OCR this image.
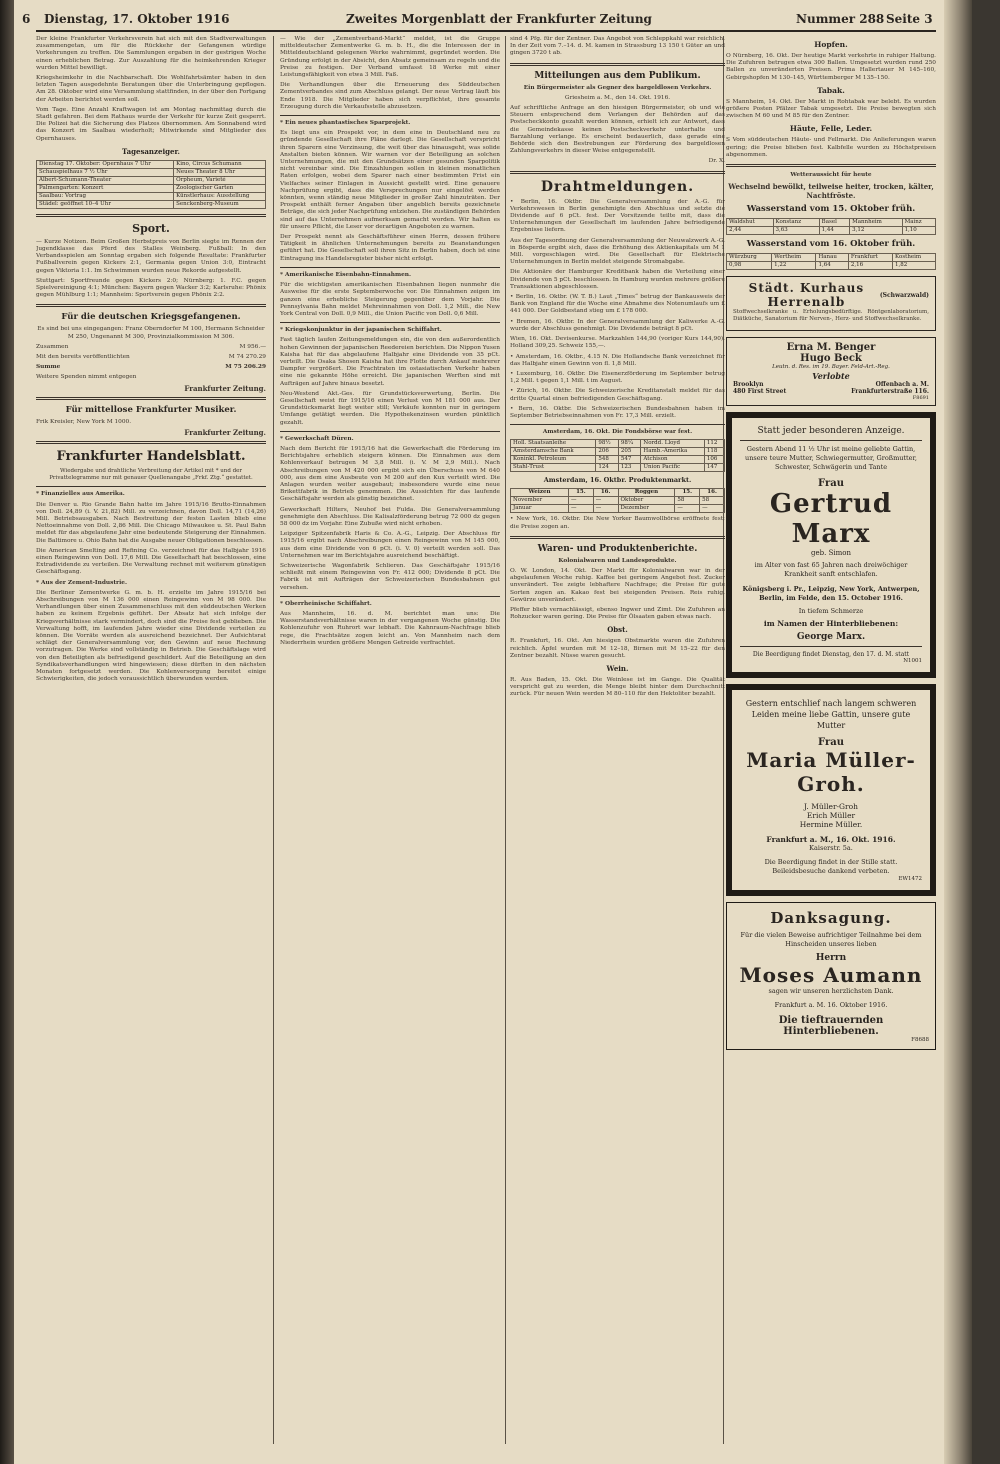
6 Dienstag, 17. Oktober 1916	Zweites Morgenblatt der Frankfurter Zeitung	Nummer 288 Seite 3
Der kleine Frankfurter Verkehrsverein hat sich mit den Stadtverwaltungen zusammengetan, um für die Rückkehr der Gefangenen würdige Vorkehrungen zu treffen. Die Sammlungen ergaben in der gestrigen Woche einen erheblichen Betrag. Zur Auszahlung für die heimkehrenden Krieger wurden Mittel bewilligt.
Kriegsheimkehr in die Nachbarschaft. Die Wohlfahrtsämter haben in den letzten Tagen ausgedehnte Beratungen über die Unterbringung gepflogen. Am 28. Oktober wird eine Versammlung stattfinden, in der über den Fortgang der Arbeiten berichtet werden soll.
Vom Tage. Eine Anzahl Kraftwagen ist am Montag nachmittag durch die Stadt gefahren. Bei dem Rathaus wurde der Verkehr für kurze Zeit gesperrt. Die Polizei hat die Sicherung des Platzes übernommen. Am Sonnabend wird das Konzert im Saalbau wiederholt; Mitwirkende sind Mitglieder des Opernhauses.
Tagesanzeiger.
Dienstag 17. Oktober: Opernhaus 7 Uhr	Kino, Circus Schumann
Schauspielhaus 7 ½ Uhr	Neues Theater 8 Uhr
Albert-Schumann-Theater	Orpheum, Varieté
Palmengarten: Konzert	Zoologischer Garten
Saalbau: Vortrag	Künstlerhaus: Ausstellung
Städel: geöffnet 10–4 Uhr	Senckenberg-Museum
Sport.
— Kurze Notizen. Beim Großen Herbstpreis von Berlin siegte im Rennen der Jugendklasse das Pferd des Stalles Weinberg. Fußball: In den Verbandsspielen am Sonntag ergaben sich folgende Resultate: Frankfurter Fußballverein gegen Kickers 2:1, Germania gegen Union 3:0, Eintracht gegen Viktoria 1:1. Im Schwimmen wurden neue Rekorde aufgestellt.
Stuttgart: Sportfreunde gegen Kickers 2:0; Nürnberg: 1. F.C. gegen Spielvereinigung 4:1; München: Bayern gegen Wacker 3:2; Karlsruhe: Phönix gegen Mühlburg 1:1; Mannheim: Sportverein gegen Phönix 2:2.
Für die deutschen Kriegsgefangenen.
Es sind bei uns eingegangen: Franz Oberndorfer M 100, Hermann Schneider M 250, Ungenannt M 300, Provinzialkommission M 306.
Zusammen	M 956.—
Mit den bereits veröffentlichten	M 74 270.29
Summe	M 75 206.29
Weitere Spenden nimmt entgegen
Frankfurter Zeitung.
Für mittellose Frankfurter Musiker.
Frik Kreisler, New York M 1000.
Frankfurter Zeitung.
Frankfurter Handelsblatt.
Wiedergabe und drahtliche Verbreitung der Artikel mit * und der Privattelegramme nur mit genauer Quellenangabe „Frkf. Ztg.“ gestattet.
* Finanzielles aus Amerika.
Die Denver u. Rio Grande Bahn hatte im Jahre 1915/16 Brutto-Einnahmen von Doll. 24,89 (i. V. 21,82) Mill. zu verzeichnen, davon Doll. 14,71 (14,26) Mill. Betriebsausgaben. Nach Bestreitung der festen Lasten blieb eine Nettoeinnahme von Doll. 2,86 Mill. Die Chicago Milwaukee u. St. Paul Bahn meldet für das abgelaufene Jahr eine bedeutende Steigerung der Einnahmen. Die Baltimore u. Ohio Bahn hat die Ausgabe neuer Obligationen beschlossen.
Die American Smelting and Refining Co. verzeichnet für das Halbjahr 1916 einen Reingewinn von Doll. 17,6 Mill. Die Gesellschaft hat beschlossen, eine Extradividende zu verteilen. Die Verwaltung rechnet mit weiterem günstigen Geschäftsgang.
* Aus der Zement-Industrie.
Die Berliner Zementwerke G. m. b. H. erzielte im Jahre 1915/16 bei Abschreibungen von M 136 000 einen Reingewinn von M 98 000. Die Verhandlungen über einen Zusammenschluss mit den süddeutschen Werken haben zu keinem Ergebnis geführt. Der Absatz hat sich infolge der Kriegsverhältnisse stark vermindert, doch sind die Preise fest geblieben. Die Verwaltung hofft, im laufenden Jahre wieder eine Dividende verteilen zu können. Die Vorräte werden als ausreichend bezeichnet. Der Aufsichtsrat schlägt der Generalversammlung vor, den Gewinn auf neue Rechnung vorzutragen. Die Werke sind vollständig in Betrieb. Die Geschäftslage wird von den Beteiligten als befriedigend geschildert. Auf die Beteiligung an den Syndikatsverhandlungen wird hingewiesen; diese dürften in den nächsten Monaten fortgesetzt werden. Die Kohlenversorgung bereitet einige Schwierigkeiten, die jedoch voraussichtlich überwunden werden.
— Wie der „Zementverband-Markt“ meldet, ist die Gruppe mitteldeutscher Zementwerke G. m. b. H., die die Interessen der in Mitteldeutschland gelegenen Werke wahrnimmt, gegründet worden. Die Gründung erfolgt in der Absicht, den Absatz gemeinsam zu regeln und die Preise zu festigen. Der Verband umfasst 18 Werke mit einer Leistungsfähigkeit von etwa 3 Mill. Faß.
Die Verhandlungen über die Erneuerung des Süddeutschen Zementverbandes sind zum Abschluss gelangt. Der neue Vertrag läuft bis Ende 1918. Die Mitglieder haben sich verpflichtet, ihre gesamte Erzeugung durch die Verkaufsstelle abzusetzen.
* Ein neues phantastisches Sparprojekt.
Es liegt uns ein Prospekt vor, in dem eine in Deutschland neu zu gründende Gesellschaft ihre Pläne darlegt. Die Gesellschaft verspricht ihren Sparern eine Verzinsung, die weit über das hinausgeht, was solide Anstalten bieten können. Wir warnen vor der Beteiligung an solchen Unternehmungen, die mit den Grundsätzen einer gesunden Sparpolitik nicht vereinbar sind. Die Einzahlungen sollen in kleinen monatlichen Raten erfolgen, wobei dem Sparer nach einer bestimmten Frist ein Vielfaches seiner Einlagen in Aussicht gestellt wird. Eine genauere Nachprüfung ergibt, dass die Versprechungen nur eingelöst werden könnten, wenn ständig neue Mitglieder in großer Zahl hinzuträten. Der Prospekt enthält ferner Angaben über angeblich bereits gezeichnete Beträge, die sich jeder Nachprüfung entziehen. Die zuständigen Behörden sind auf das Unternehmen aufmerksam gemacht worden. Wir halten es für unsere Pflicht, die Leser vor derartigen Angeboten zu warnen.
Der Prospekt nennt als Geschäftsführer einen Herrn, dessen frühere Tätigkeit in ähnlichen Unternehmungen bereits zu Beanstandungen geführt hat. Die Gesellschaft soll ihren Sitz in Berlin haben, doch ist eine Eintragung ins Handelsregister bisher nicht erfolgt.
* Amerikanische Eisenbahn-Einnahmen.
Für die wichtigsten amerikanischen Eisenbahnen liegen nunmehr die Ausweise für die erste Septemberwoche vor. Die Einnahmen zeigen im ganzen eine erhebliche Steigerung gegenüber dem Vorjahr. Die Pennsylvania Bahn meldet Mehreinnahmen von Doll. 1,2 Mill., die New York Central von Doll. 0,9 Mill., die Union Pacific von Doll. 0,6 Mill.
* Kriegskonjunktur in der japanischen Schiffahrt.
Fast täglich laufen Zeitungsmeldungen ein, die von den außerordentlich hohen Gewinnen der japanischen Reedereien berichten. Die Nippon Yusen Kaisha hat für das abgelaufene Halbjahr eine Dividende von 35 pCt. verteilt. Die Osaka Shosen Kaisha hat ihre Flotte durch Ankauf mehrerer Dampfer vergrößert. Die Frachtraten im ostasiatischen Verkehr haben eine nie gekannte Höhe erreicht. Die japanischen Werften sind mit Aufträgen auf Jahre hinaus besetzt.
Neu-Westend Akt.-Ges. für Grundstücksverwertung, Berlin. Die Gesellschaft weist für 1915/16 einen Verlust von M 181 000 aus. Der Grundstücksmarkt liegt weiter still; Verkäufe konnten nur in geringem Umfange getätigt werden. Die Hypothekenzinsen wurden pünktlich gezahlt.
* Gewerkschaft Düren.
Nach dem Bericht für 1915/16 hat die Gewerkschaft die Förderung im Berichtsjahre erheblich steigern können. Die Einnahmen aus dem Kohlenverkauf betrugen M 3,8 Mill. (i. V. M 2,9 Mill.). Nach Abschreibungen von M 420 000 ergibt sich ein Überschuss von M 640 000, aus dem eine Ausbeute von M 200 auf den Kux verteilt wird. Die Anlagen wurden weiter ausgebaut; insbesondere wurde eine neue Brikettfabrik in Betrieb genommen. Die Aussichten für das laufende Geschäftsjahr werden als günstig bezeichnet.
Gewerkschaft Hilters, Neuhof bei Fulda. Die Generalversammlung genehmigte den Abschluss. Die Kalisalzförderung betrug 72 000 dz gegen 58 000 dz im Vorjahr. Eine Zubuße wird nicht erhoben.
Leipziger Spitzenfabrik Haris & Co. A.-G., Leipzig. Der Abschluss für 1915/16 ergibt nach Abschreibungen einen Reingewinn von M 145 000, aus dem eine Dividende von 6 pCt. (i. V. 0) verteilt werden soll. Das Unternehmen war im Berichtsjahre ausreichend beschäftigt.
Schweizerische Wagonfabrik Schlieren. Das Geschäftsjahr 1915/16 schließt mit einem Reingewinn von Fr. 412 000; Dividende 8 pCt. Die Fabrik ist mit Aufträgen der Schweizerischen Bundesbahnen gut versehen.
* Oberrheinische Schiffahrt.
Aus Mannheim, 16. d. M. berichtet man uns: Die Wasserstandsverhältnisse waren in der vergangenen Woche günstig. Die Kohlenzufuhr von Ruhrort war lebhaft. Die Kahnraum-Nachfrage blieb rege, die Frachtsätze zogen leicht an. Von Mannheim nach dem Niederrhein wurden größere Mengen Getreide verfrachtet.
sind 4 Pfg. für der Zentner. Das Angebot von Schleppkahl war reichlich. In der Zeit vom 7.–14. d. M. kamen in Strassburg 13 150 t Güter an und gingen 3720 t ab.
Mitteilungen aus dem Publikum.
Ein Bürgermeister als Gegner des bargeldlosen Verkehrs.
Griesheim a. M., den 14. Okt. 1916.
Auf schriftliche Anfrage an den hiesigen Bürgermeister, ob und wie Steuern entsprechend dem Verlangen der Behörden auf das Postscheckkonto gezahlt werden können, erhielt ich zur Antwort, dass die Gemeindekasse keinen Postscheckverkehr unterhalte und Barzahlung verlange. Es erscheint bedauerlich, dass gerade eine Behörde sich den Bestrebungen zur Förderung des bargeldlosen Zahlungsverkehrs in dieser Weise entgegenstellt.
Dr. X.
Drahtmeldungen.
• Berlin, 16. Oktbr. Die Generalversammlung der A.-G. für Verkehrswesen in Berlin genehmigte den Abschluss und setzte die Dividende auf 6 pCt. fest. Der Vorsitzende teilte mit, dass die Unternehmungen der Gesellschaft im laufenden Jahre befriedigende Ergebnisse liefern.
Aus der Tagesordnung der Generalversammlung der Neuwalzwerk A.-G. in Bösperde ergibt sich, dass die Erhöhung des Aktienkapitals um M 1 Mill. vorgeschlagen wird. Die Gesellschaft für Elektrische Unternehmungen in Berlin meldet steigende Stromabgabe.
Die Aktionäre der Hamburger Kreditbank haben die Verteilung einer Dividende von 5 pCt. beschlossen. In Hamburg wurden mehrere größere Transaktionen abgeschlossen.
• Berlin, 16. Oktbr. (W. T. B.) Laut „Times“ betrug der Bankausweis der Bank von England für die Woche eine Abnahme des Notenumlaufs um £ 441 000. Der Goldbestand stieg um £ 178 000.
• Bremen, 16. Oktbr. In der Generalversammlung der Kaliwerke A.-G. wurde der Abschluss genehmigt. Die Dividende beträgt 8 pCt.
Wien, 16. Okt. Devisenkurse. Markzahlen 144,90 (voriger Kurs 144,90). Holland 309,25. Schweiz 155,—.
• Amsterdam, 16. Oktbr., 4.15 N. Die Hollandsche Bank verzeichnet für das Halbjahr einen Gewinn von fl. 1,8 Mill.
• Luxemburg, 16. Oktbr. Die Eisenerzförderung im September betrug 1,2 Mill. t gegen 1,1 Mill. t im August.
• Zürich, 16. Oktbr. Die Schweizerische Kreditanstalt meldet für das dritte Quartal einen befriedigenden Geschäftsgang.
• Bern, 16. Oktbr. Die Schweizerischen Bundesbahnen haben im September Betriebseinnahmen von Fr. 17,3 Mill. erzielt.
Amsterdam, 16. Okt. Die Fondsbörse war fest.
Holl. Staatsanleihe	98½	98¼	Nordd. Lloyd	112
Amsterdamsche Bank	206	205	Hamb.-Amerika	118
Koninkl. Petroleum	548	547	Atchison	106
Stahl-Trust	124	123	Union Pacific	147
Amsterdam, 16. Oktbr. Produktenmarkt.
Weizen	15.	16.	Roggen	15.	16.
November	—	—	Oktober	58	58
Januar	—	—	Dezember	—	—
• New York, 16. Oktbr. Die New Yorker Baumwollbörse eröffnete fest; die Preise zogen an.
Waren- und Produktenberichte.
Kolonialwaren und Landesprodukte.
O. W. London, 14. Okt. Der Markt für Kolonialwaren war in der abgelaufenen Woche ruhig. Kaffee bei geringem Angebot fest. Zucker unverändert. Tee zeigte lebhaftere Nachfrage; die Preise für gute Sorten zogen an. Kakao fest bei steigenden Preisen. Reis ruhig. Gewürze unverändert.
Pfeffer blieb vernachlässigt, ebenso Ingwer und Zimt. Die Zufuhren an Rohzucker waren gering. Die Preise für Ölsaaten gaben etwas nach.
Obst.
R. Frankfurt, 16. Okt. Am hiesigen Obstmarkte waren die Zufuhren reichlich. Äpfel wurden mit M 12–18, Birnen mit M 15–22 für den Zentner bezahlt. Nüsse waren gesucht.
Wein.
R. Aus Baden, 15. Okt. Die Weinlese ist im Gange. Die Qualität verspricht gut zu werden, die Menge bleibt hinter dem Durchschnitt zurück. Für neuen Wein werden M 80–110 für den Hektoliter bezahlt.
Hopfen.
O Nürnberg, 16. Okt. Der heutige Markt verkehrte in ruhiger Haltung. Die Zufuhren betrugen etwa 300 Ballen. Umgesetzt wurden rund 250 Ballen zu unveränderten Preisen. Prima Hallertauer M 145–160, Gebirgshopfen M 130–145, Württemberger M 135–150.
Tabak.
S Mannheim, 14. Okt. Der Markt in Rohtabak war belebt. Es wurden größere Posten Pfälzer Tabak umgesetzt. Die Preise bewegten sich zwischen M 60 und M 85 für den Zentner.
Häute, Felle, Leder.
S Vom süddeutschen Häute- und Fellmarkt. Die Anlieferungen waren gering; die Preise blieben fest. Kalbfelle wurden zu Höchstpreisen abgenommen.
Wetteraussicht für heute
Wechselnd bewölkt, teilweise heiter, trocken, kälter, Nachtfröste.
Wasserstand vom 15. Oktober früh.
Waldshut	Konstanz	Basel	Mannheim	Mainz
2,44	3,63	1,44	3,12	1,10
Wasserstand vom 16. Oktober früh.
Würzburg	Wertheim	Hanau	Frankfurt	Kostheim
0,98	1,22	1,64	2,16	1,82
Städt. Kurhaus Herrenalb	(Schwarzwald)
Stoffwechselkranke u. Erholungsbedürftige. Röntgenlaboratorium, Diätküche, Sanatorium für Nerven-, Herz- und Stoffwechselkranke.
Erna M. Benger
Hugo Beck
Leutn. d. Res. im 19. Bayer. Feld-Art.-Reg.
Verlobte
Brooklyn	Offenbach a. M.
480 First Street	Frankfurterstraße 116.
F8691
Statt jeder besonderen Anzeige.
Gestern Abend 11 ½ Uhr ist meine geliebte Gattin, unsere teure Mutter, Schwiegermutter, Großmutter, Schwester, Schwägerin und Tante
Frau
Gertrud Marx
geb. Simon
im Alter von fast 65 Jahren nach dreiwöchiger Krankheit sanft entschlafen.
Königsberg i. Pr., Leipzig, New York, Antwerpen, Berlin, im Felde, den 15. October 1916.
In tiefem Schmerze
im Namen der Hinterbliebenen:
George Marx.
Die Beerdigung findet Dienstag, den 17. d. M. statt
N1001
Gestern entschlief nach langem schweren Leiden meine liebe Gattin, unsere gute Mutter
Frau
Maria Müller-Groh.
J. Müller-Groh
Erich Müller
Hermine Müller.
Frankfurt a. M., 16. Okt. 1916.
Kaiserstr. 5a.
Die Beerdigung findet in der Stille statt. Beileidsbesuche dankend verbeten.
EW1472
Danksagung.
Für die vielen Beweise aufrichtiger Teilnahme bei dem Hinscheiden unseres lieben
Herrn
Moses Aumann
sagen wir unseren herzlichsten Dank.
Frankfurt a. M. 16. Oktober 1916.
Die tieftrauernden Hinterbliebenen.
F8688
